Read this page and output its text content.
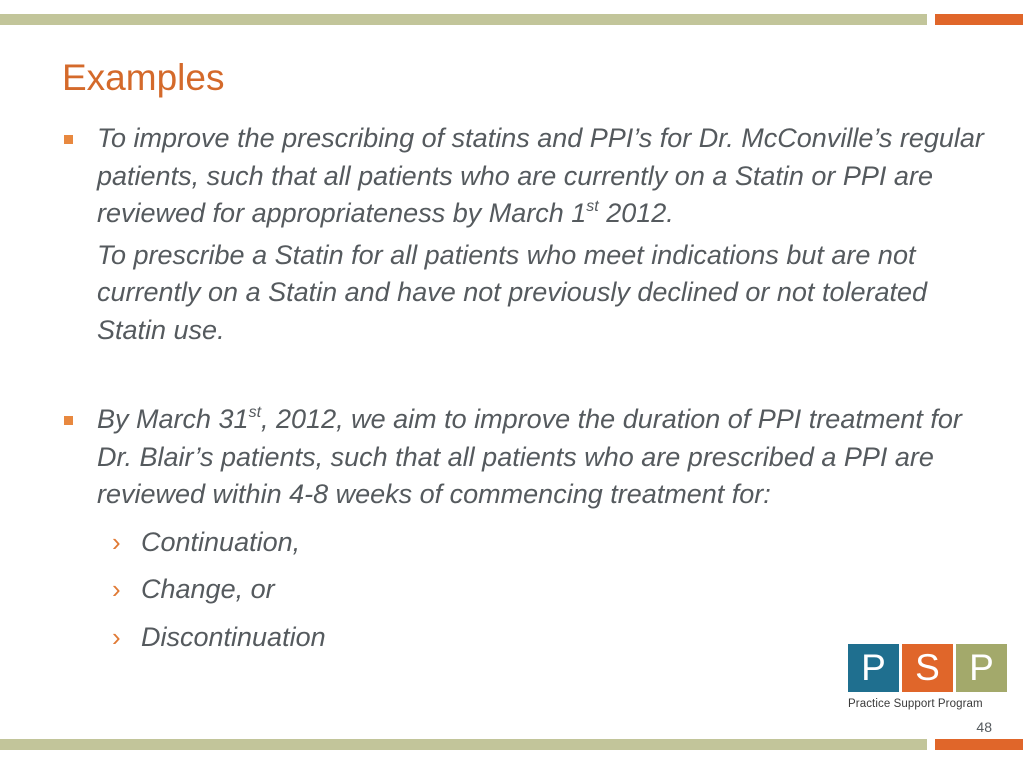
Examples

To improve the prescribing of statins and PPI’s for Dr. McConville’s regular patients, such that all patients who are currently on a Statin or PPI are reviewed for appropriateness by March 1st 2012.

To prescribe a Statin for all patients who meet indications but are not currently on a Statin and have not previously declined or not tolerated Statin use.

By March 31st, 2012, we aim to improve the duration of PPI treatment for Dr. Blair’s patients, such that all patients who are prescribed a PPI are reviewed within 4-8 weeks of commencing treatment for:

› Continuation,
› Change, or
› Discontinuation
P S P
Practice Support Program
48
